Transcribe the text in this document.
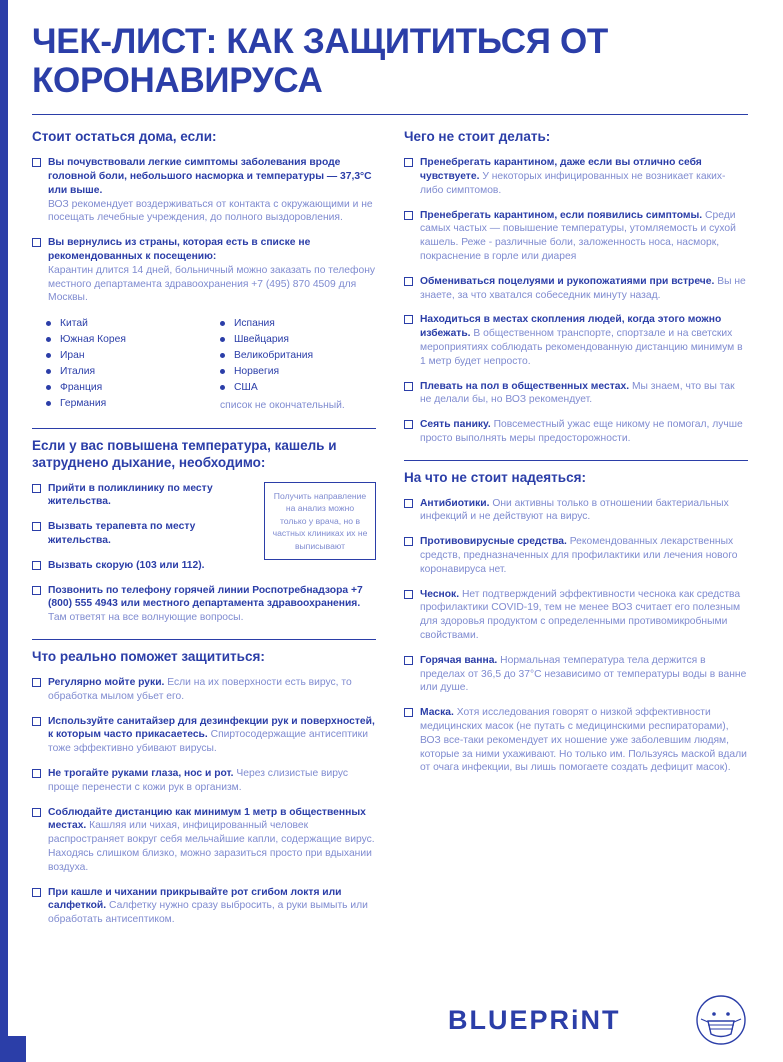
ЧЕК-ЛИСТ: КАК ЗАЩИТИТЬСЯ ОТ КОРОНАВИРУСА
Стоит остаться дома, если:
Вы почувствовали легкие симптомы заболевания вроде головной боли, небольшого насморка и температуры — 37,3°С или выше.
ВОЗ рекомендует воздерживаться от контакта с окружающими и не посещать лечебные учреждения, до полного выздоровления.
Вы вернулись из страны, которая есть в списке не рекомендованных к посещению:
Карантин длится 14 дней, больничный можно заказать по телефону местного департамента здравоохранения +7 (495) 870 4509 для Москвы.
Китай
Южная Корея
Иран
Италия
Франция
Германия
Испания
Швейцария
Великобритания
Норвегия
США
список не окончательный.
Если у вас повышена температура, кашель и затруднено дыхание, необходимо:
Получить направление на анализ можно только у врача, но в частных клиниках их не выписывают
Прийти в поликлинику по месту жительства.
Вызвать терапевта по месту жительства.
Вызвать скорую (103 или 112).
Позвонить по телефону горячей линии Роспотребнадзора +7 (800) 555 4943 или местного департамента здравоохранения. Там ответят на все волнующие вопросы.
Что реально поможет защититься:
Регулярно мойте руки. Если на их поверхности есть вирус, то обработка мылом убьет его.
Используйте санитайзер для дезинфекции рук и поверхностей, к которым часто прикасаетесь. Спиртосодержащие антисептики тоже эффективно убивают вирусы.
Не трогайте руками глаза, нос и рот. Через слизистые вирус проще перенести с кожи рук в организм.
Соблюдайте дистанцию как минимум 1 метр в общественных местах. Кашляя или чихая, инфицированный человек распространяет вокруг себя мельчайшие капли, содержащие вирус. Находясь слишком близко, можно заразиться просто при вдыхании воздуха.
При кашле и чихании прикрывайте рот сгибом локтя или салфеткой. Салфетку нужно сразу выбросить, а руки вымыть или обработать антисептиком.
Чего не стоит делать:
Пренебрегать карантином, даже если вы отлично себя чувствуете. У некоторых инфицированных не возникает каких-либо симптомов.
Пренебрегать карантином, если появились симптомы. Среди самых частых — повышение температуры, утомляемость и сухой кашель. Реже - различные боли, заложенность носа, насморк, покраснение в горле или диарея
Обмениваться поцелуями и рукопожатиями при встрече. Вы не знаете, за что хватался собеседник минуту назад.
Находиться в местах скопления людей, когда этого можно избежать. В общественном транспорте, спортзале и на светских мероприятиях соблюдать рекомендованную дистанцию минимум в 1 метр будет непросто.
Плевать на пол в общественных местах. Мы знаем, что вы так не делали бы, но ВОЗ рекомендует.
Сеять панику. Повсеместный ужас еще никому не помогал, лучше просто выполнять меры предосторожности.
На что не стоит надеяться:
Антибиотики. Они активны только в отношении бактериальных инфекций и не действуют на вирус.
Противовирусные средства. Рекомендованных лекарственных средств, предназначенных для профилактики или лечения нового коронавируса нет.
Чеснок. Нет подтверждений эффективности чеснока как средства профилактики COVID-19, тем не менее ВОЗ считает его полезным для здоровья продуктом с определенными противомикробными свойствами.
Горячая ванна. Нормальная температура тела держится в пределах от 36,5 до 37°C независимо от температуры воды в ванне или душе.
Маска. Хотя исследования говорят о низкой эффективности медицинских масок (не путать с медицинскими респираторами), ВОЗ все-таки рекомендует их ношение уже заболевшим людям, которые за ними ухаживают. Но только им. Пользуясь маской вдали от очага инфекции, вы лишь помогаете создать дефицит масок).
BLUEPRiNT
